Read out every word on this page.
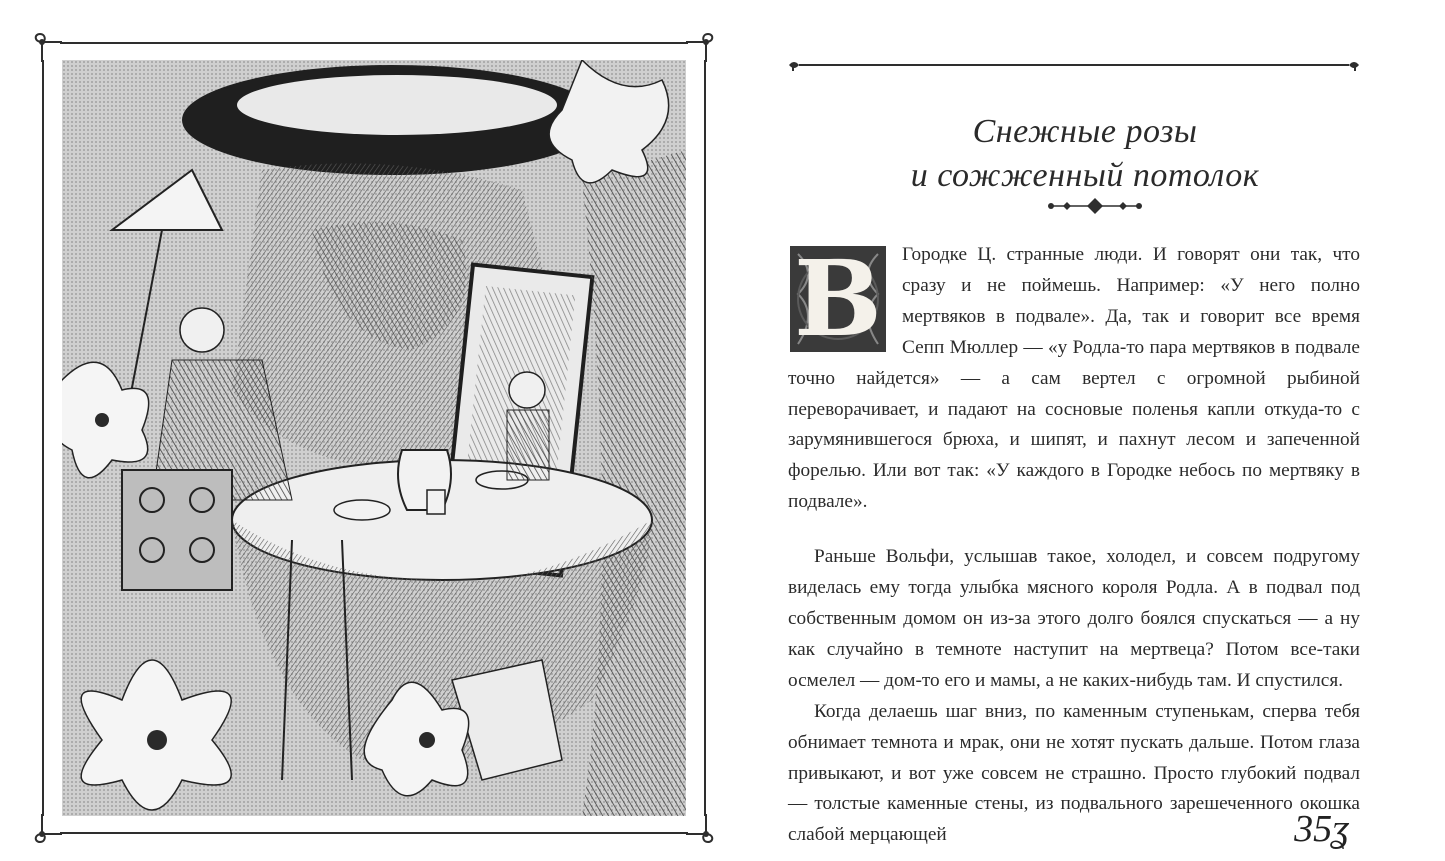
Снежные розы
и сожженный потолок
В	Городке Ц. странные люди. И говорят они так, что сразу и не поймешь. Например: «У него полно мертвяков в подвале». Да, так и говорит все время Сепп Мюллер — «у Родла-то пара мертвяков в подвале точно найдется» — а сам вертел с огромной рыбиной переворачивает, и падают на сосновые поленья капли откуда-то с зарумянившегося брюха, и шипят, и пахнут лесом и запеченной форелью. Или вот так: «У каждого в Городке небось по мертвяку в подвале».

Раньше Вольфи, услышав такое, холодел, и совсем подругому виделась ему тогда улыбка мясного короля Родла. А в подвал под собственным домом он из-за этого долго боялся спускаться — а ну как случайно в темноте наступит на мертвеца? Потом все-таки осмелел — дом-то его и мамы, а не каких-нибудь там. И спустился.

Когда делаешь шаг вниз, по каменным ступенькам, сперва тебя обнимает темнота и мрак, они не хотят пускать дальше. Потом глаза привыкают, и вот уже совсем не страшно. Просто глубокий подвал — толстые каменные стены, из подвального зарешеченного окошка слабой мерцающей	35ʓ
